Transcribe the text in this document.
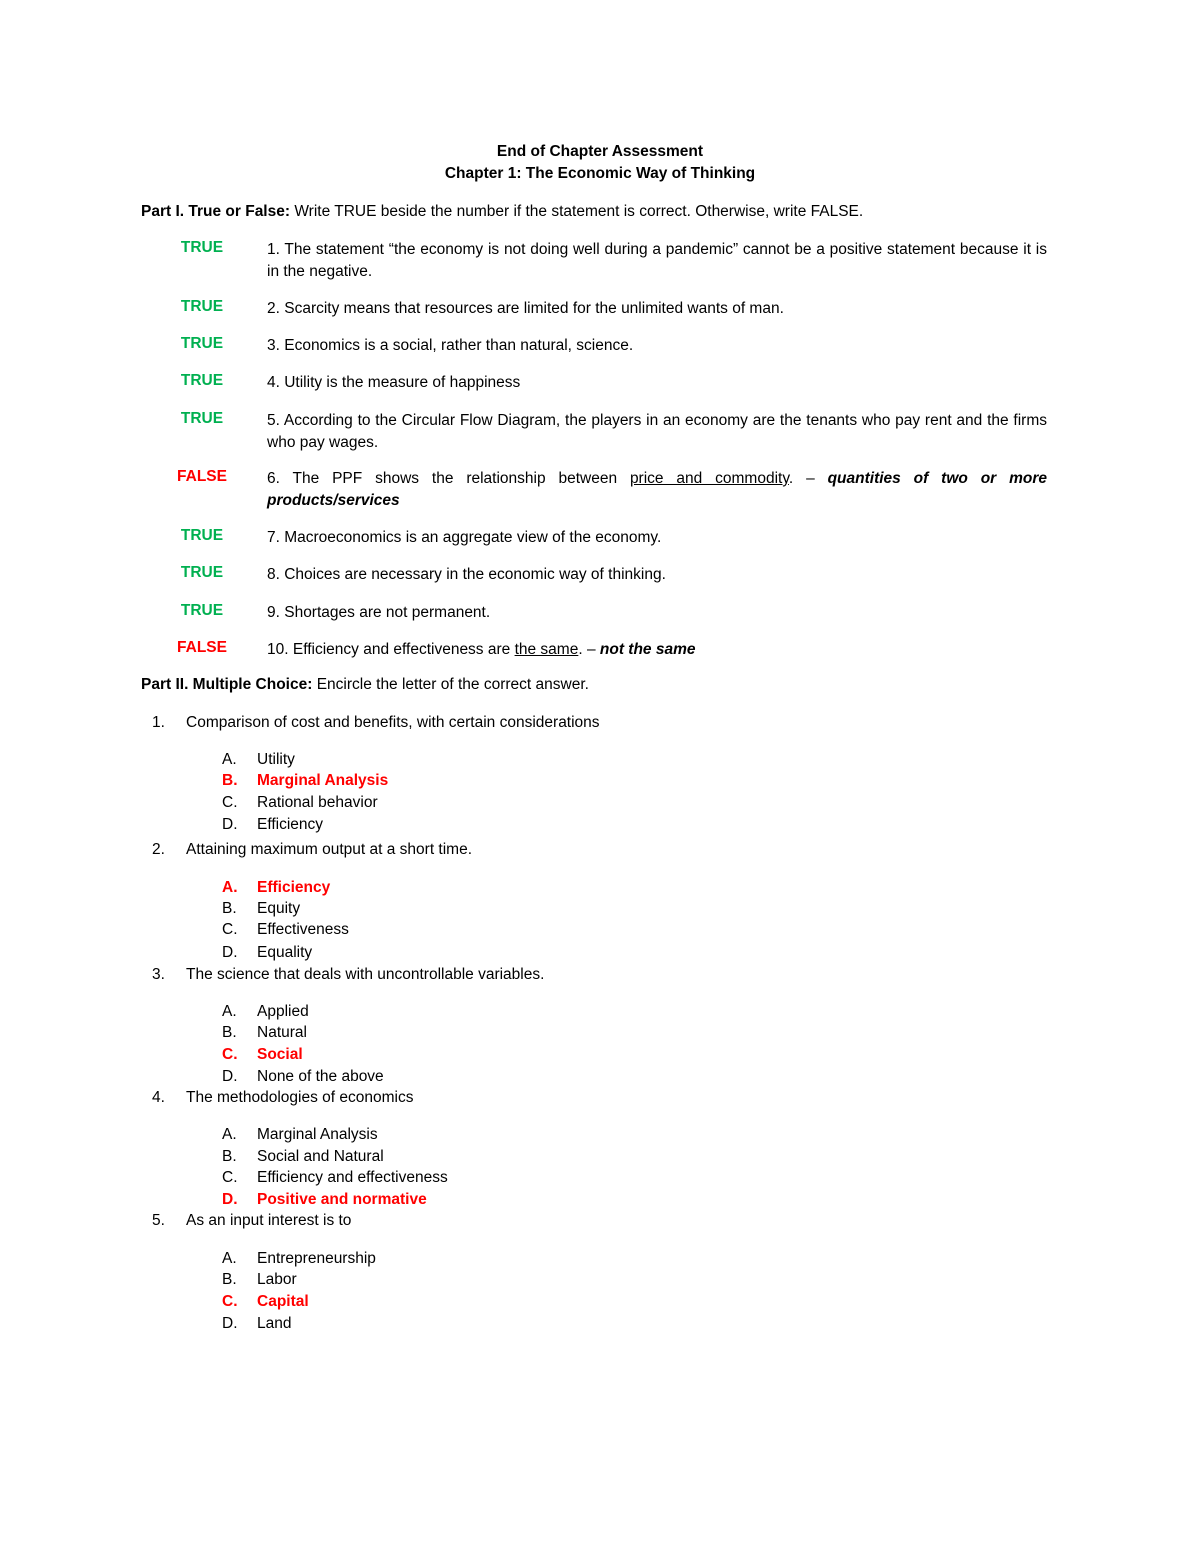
End of Chapter Assessment
Chapter 1: The Economic Way of Thinking
Part I. True or False: Write TRUE beside the number if the statement is correct. Otherwise, write FALSE.
TRUE	1. The statement “the economy is not doing well during a pandemic” cannot be a positive statement because it is in the negative.
TRUE	2. Scarcity means that resources are limited for the unlimited wants of man.
TRUE	3. Economics is a social, rather than natural, science.
TRUE	4. Utility is the measure of happiness
TRUE	5. According to the Circular Flow Diagram, the players in an economy are the tenants who pay rent and the firms who pay wages.
FALSE	6. The PPF shows the relationship between price and commodity. – quantities of two or more products/services
TRUE	7. Macroeconomics is an aggregate view of the economy.
TRUE	8. Choices are necessary in the economic way of thinking.
TRUE	9. Shortages are not permanent.
FALSE	10. Efficiency and effectiveness are the same. – not the same
Part II. Multiple Choice: Encircle the letter of the correct answer.
1. Comparison of cost and benefits, with certain considerations
A. Utility
B. Marginal Analysis
C. Rational behavior
D. Efficiency
2. Attaining maximum output at a short time.
A. Efficiency
B. Equity
C. Effectiveness
D. Equality
3. The science that deals with uncontrollable variables.
A. Applied
B. Natural
C. Social
D. None of the above
4. The methodologies of economics
A. Marginal Analysis
B. Social and Natural
C. Efficiency and effectiveness
D. Positive and normative
5. As an input interest is to
A. Entrepreneurship
B. Labor
C. Capital
D. Land
